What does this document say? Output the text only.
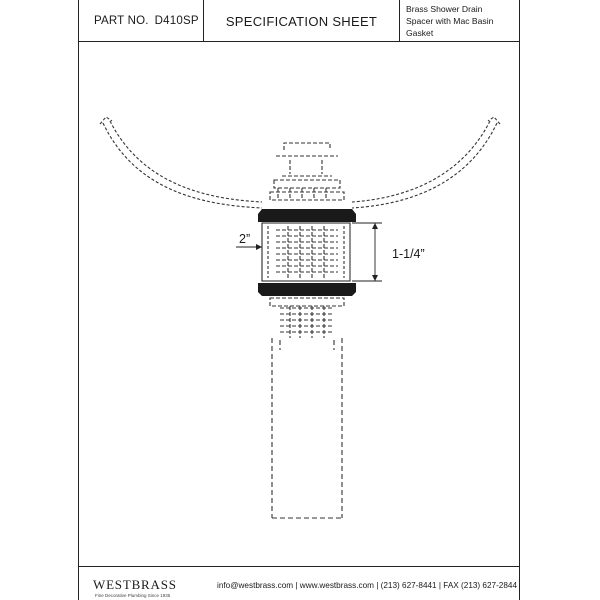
PART NO. D410SP SPECIFICATION SHEET
Brass Shower Drain
Spacer with Mac Basin Gasket
2”
1-1/4”
WESTBRASS
Fine Decorative Plumbing Since 1935
info@westbrass.com | www.westbrass.com | (213) 627-8441 | FAX (213) 627-2844
